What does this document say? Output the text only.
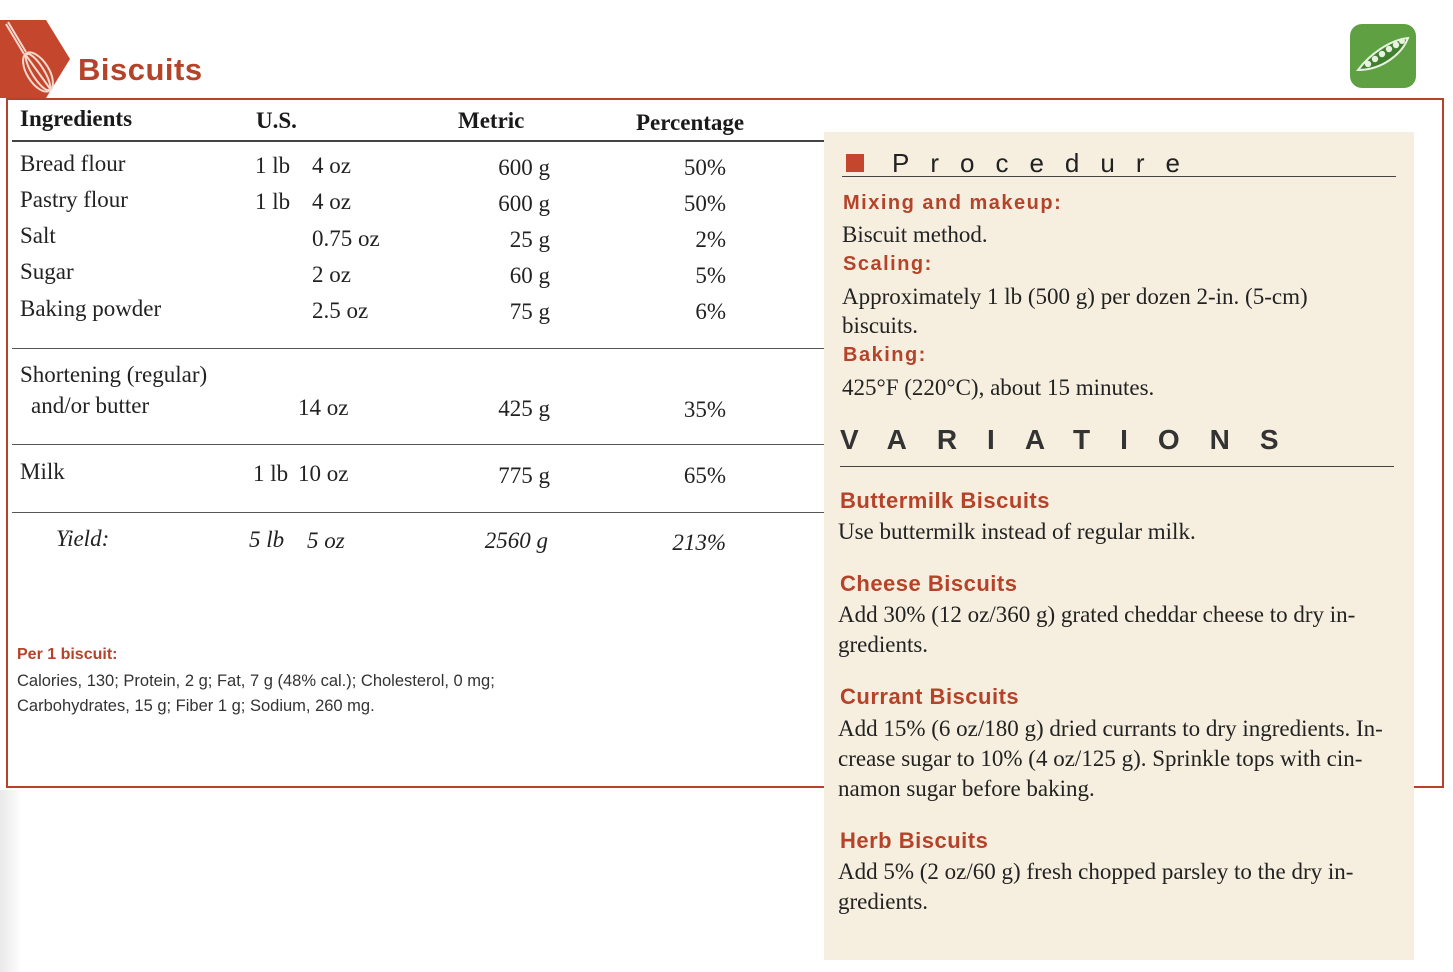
Biscuits
Ingredients	U.S.	Metric	Percentage
Bread flour	1 lb 4 oz	600 g	50%
Pastry flour	1 lb 4 oz	600 g	50%
Salt	0.75 oz	25 g	2%
Sugar	2 oz	60 g	5%
Baking powder	2.5 oz	75 g	6%
Shortening (regular)
and/or butter	14 oz	425 g	35%
Milk	1 lb 10 oz	775 g	65%
Yield:	5 lb 5 oz	2560 g	213%
Per 1 biscuit:
Calories, 130; Protein, 2 g; Fat, 7 g (48% cal.); Cholesterol, 0 mg;
Carbohydrates, 15 g; Fiber 1 g; Sodium, 260 mg.
Procedure
Mixing and makeup:
Biscuit method.
Scaling:
Approximately 1 lb (500 g) per dozen 2-in. (5-cm) biscuits.
Baking:
425°F (220°C), about 15 minutes.
VARIATIONS
Buttermilk Biscuits
Use buttermilk instead of regular milk.
Cheese Biscuits
Add 30% (12 oz/360 g) grated cheddar cheese to dry in- gredients.
Currant Biscuits
Add 15% (6 oz/180 g) dried currants to dry ingredients. In- crease sugar to 10% (4 oz/125 g). Sprinkle tops with cin- namon sugar before baking.
Herb Biscuits
Add 5% (2 oz/60 g) fresh chopped parsley to the dry in- gredients.
